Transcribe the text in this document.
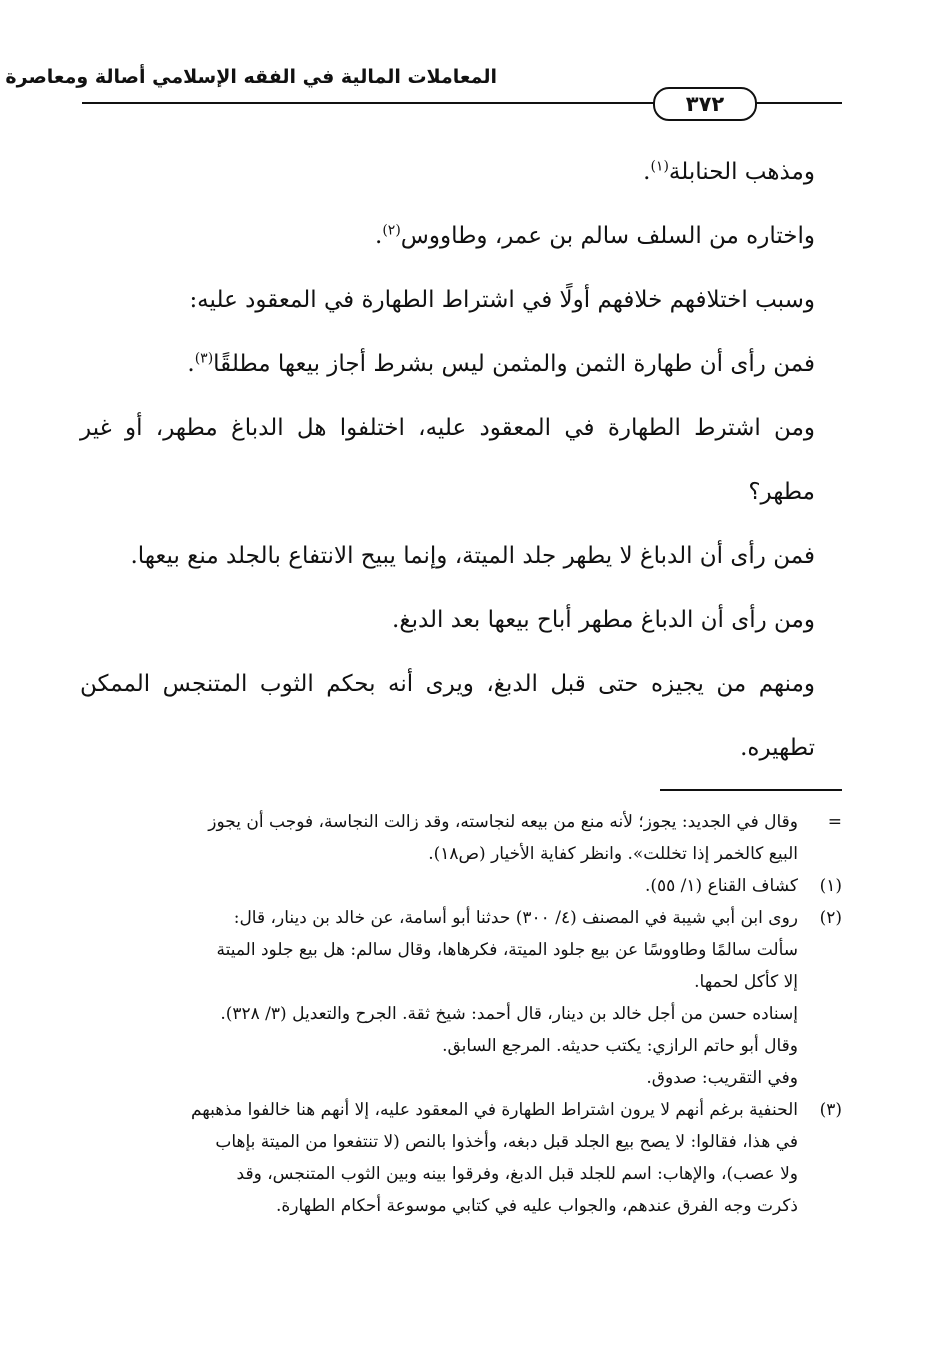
المعاملات المالية في الفقه الإسلامي أصالة ومعاصرة
٣٧٢

ومذهب الحنابلة$^{(١)}$.

واختاره من السلف سالم بن عمر، وطاووس$^{(٢)}$.

وسبب اختلافهم خلافهم أولًا في اشتراط الطهارة في المعقود عليه:

فمن رأى أن طهارة الثمن والمثمن ليس بشرط أجاز بيعها مطلقًا$^{(٣)}$.

ومن اشترط الطهارة في المعقود عليه، اختلفوا هل الدباغ مطهر، أو غير مطهر؟

فمن رأى أن الدباغ لا يطهر جلد الميتة، وإنما يبيح الانتفاع بالجلد منع بيعها.

ومن رأى أن الدباغ مطهر أباح بيعها بعد الدبغ.

ومنهم من يجيزه حتى قبل الدبغ، ويرى أنه بحكم الثوب المتنجس الممكن تطهيره.

=
وقال في الجديد: يجوز؛ لأنه منع من بيعه لنجاسته، وقد زالت النجاسة، فوجب أن يجوز
البيع كالخمر إذا تخللت». وانظر كفاية الأخيار (ص١٨).
(١)
كشاف القناع (١/ ٥٥).
(٢)
روى ابن أبي شيبة في المصنف (٤/ ٣٠٠) حدثنا أبو أسامة، عن خالد بن دينار، قال:
سألت سالمًا وطاووسًا عن بيع جلود الميتة، فكرهاها، وقال سالم: هل بيع جلود الميتة
إلا كأكل لحمها.
إسناده حسن من أجل خالد بن دينار، قال أحمد: شيخ ثقة. الجرح والتعديل (٣/ ٣٢٨).
وقال أبو حاتم الرازي: يكتب حديثه. المرجع السابق.
وفي التقريب: صدوق.
(٣)
الحنفية برغم أنهم لا يرون اشتراط الطهارة في المعقود عليه، إلا أنهم هنا خالفوا مذهبهم
في هذا، فقالوا: لا يصح بيع الجلد قبل دبغه، وأخذوا بالنص (لا تنتفعوا من الميتة بإهاب
ولا عصب)، والإهاب: اسم للجلد قبل الدبغ، وفرقوا بينه وبين الثوب المتنجس، وقد
ذكرت وجه الفرق عندهم، والجواب عليه في كتابي موسوعة أحكام الطهارة.
